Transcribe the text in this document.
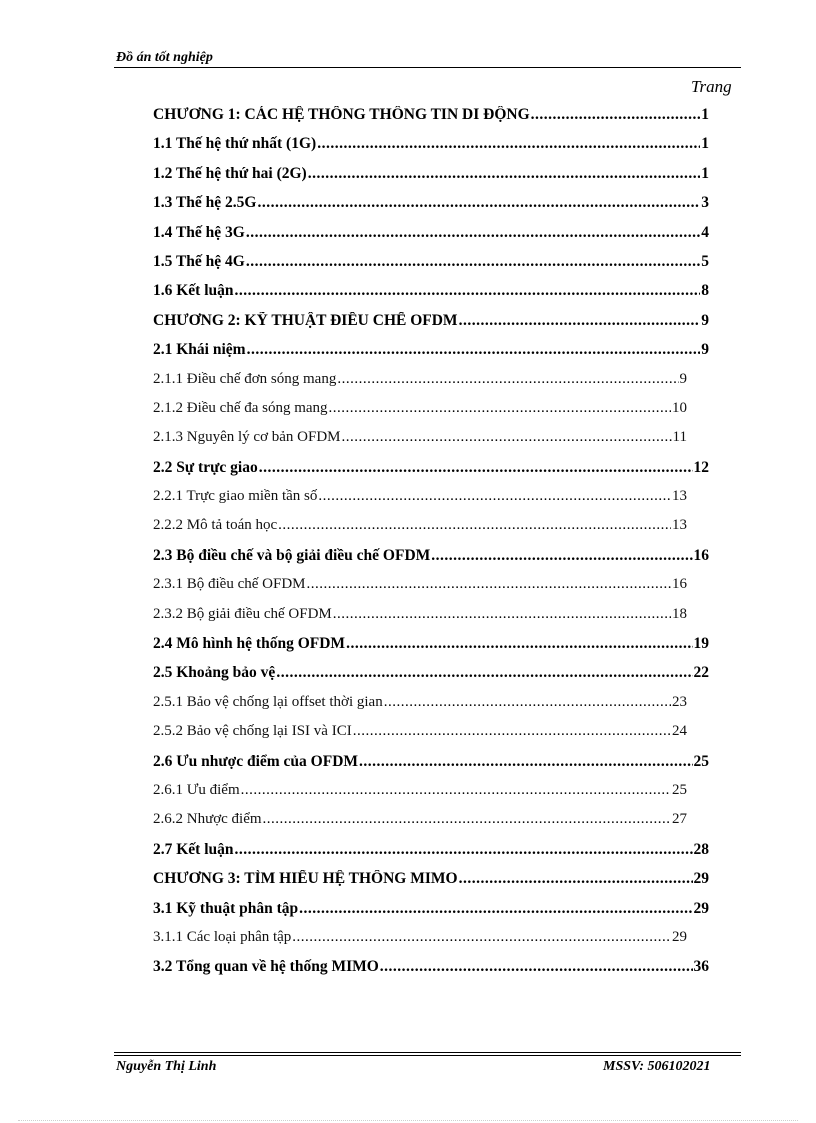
Đồ án tốt nghiệp
Trang
CHƯƠNG 1: CÁC HỆ THỐNG THÔNG TIN DI ĐỘNG .....	1
1.1 Thế hệ thứ nhất (1G) .....	1
1.2 Thế hệ thứ hai (2G) .....	1
1.3 Thế hệ 2.5G .....	3
1.4 Thế hệ 3G .....	4
1.5 Thế hệ 4G .....	5
1.6 Kết luận .....	8
CHƯƠNG 2: KỸ THUẬT ĐIỀU CHẾ OFDM .....	9
2.1 Khái niệm .....	9
2.1.1 Điều chế đơn sóng mang .....	9
2.1.2 Điều chế đa sóng mang .....	10
2.1.3 Nguyên lý cơ bản OFDM .....	11
2.2 Sự trực giao .....	12
2.2.1 Trực giao miền tần số .....	13
2.2.2 Mô tả toán học .....	13
2.3 Bộ điều chế và bộ giải điều chế OFDM .....	16
2.3.1 Bộ điều chế OFDM .....	16
2.3.2 Bộ giải điều chế OFDM .....	18
2.4 Mô hình hệ thống OFDM .....	19
2.5 Khoảng bảo vệ .....	22
2.5.1 Bảo vệ chống lại offset thời gian .....	23
2.5.2 Bảo vệ chống lại ISI và ICI .....	24
2.6 Ưu nhược điểm của OFDM .....	25
2.6.1 Ưu điểm .....	25
2.6.2 Nhược điểm .....	27
2.7 Kết luận .....	28
CHƯƠNG 3: TÌM HIỂU HỆ THỐNG MIMO .....	29
3.1 Kỹ thuật phân tập .....	29
3.1.1 Các loại phân tập .....	29
3.2 Tổng quan về hệ thống MIMO .....	36
Nguyễn Thị Linh	MSSV: 506102021
